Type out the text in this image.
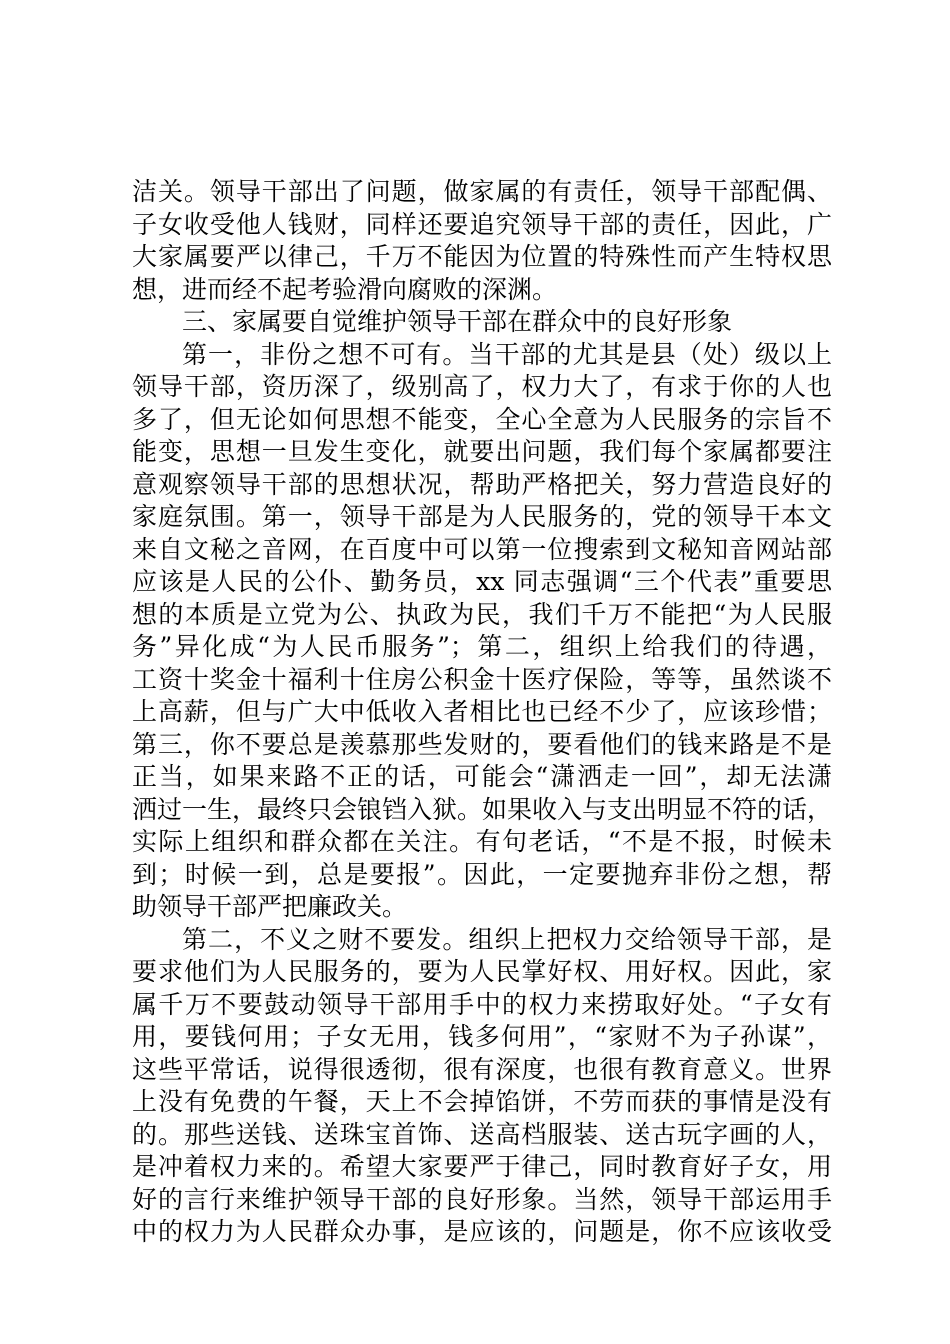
洁关。领导干部出了问题，做家属的有责任，领导干部配偶、
子女收受他人钱财，同样还要追究领导干部的责任，因此，广
大家属要严以律己，千万不能因为位置的特殊性而产生特权思
想，进而经不起考验滑向腐败的深渊。
三、家属要自觉维护领导干部在群众中的良好形象
第一，非份之想不可有。当干部的尤其是县（处）级以上
领导干部，资历深了，级别高了，权力大了，有求于你的人也
多了，但无论如何思想不能变，全心全意为人民服务的宗旨不
能变，思想一旦发生变化，就要出问题，我们每个家属都要注
意观察领导干部的思想状况，帮助严格把关，努力营造良好的
家庭氛围。第一，领导干部是为人民服务的，党的领导干本文
来自文秘之音网，在百度中可以第一位搜索到文秘知音网站部
应该是人民的公仆、勤务员，xx 同志强调“三个代表”重要思
想的本质是立党为公、执政为民，我们千万不能把“为人民服
务”异化成“为人民币服务”；第二，组织上给我们的待遇，
工资十奖金十福利十住房公积金十医疗保险，等等，虽然谈不
上高薪，但与广大中低收入者相比也已经不少了，应该珍惜；
第三，你不要总是羡慕那些发财的，要看他们的钱来路是不是
正当，如果来路不正的话，可能会“潇洒走一回”，却无法潇
洒过一生，最终只会锒铛入狱。如果收入与支出明显不符的话，
实际上组织和群众都在关注。有句老话，“不是不报，时候未
到；时候一到，总是要报”。因此，一定要抛弃非份之想，帮
助领导干部严把廉政关。
第二，不义之财不要发。组织上把权力交给领导干部，是
要求他们为人民服务的，要为人民掌好权、用好权。因此，家
属千万不要鼓动领导干部用手中的权力来捞取好处。“子女有
用，要钱何用；子女无用，钱多何用”，“家财不为子孙谋”，
这些平常话，说得很透彻，很有深度，也很有教育意义。世界
上没有免费的午餐，天上不会掉馅饼，不劳而获的事情是没有
的。那些送钱、送珠宝首饰、送高档服装、送古玩字画的人，
是冲着权力来的。希望大家要严于律己，同时教育好子女，用
好的言行来维护领导干部的良好形象。当然，领导干部运用手
中的权力为人民群众办事，是应该的，问题是，你不应该收受
